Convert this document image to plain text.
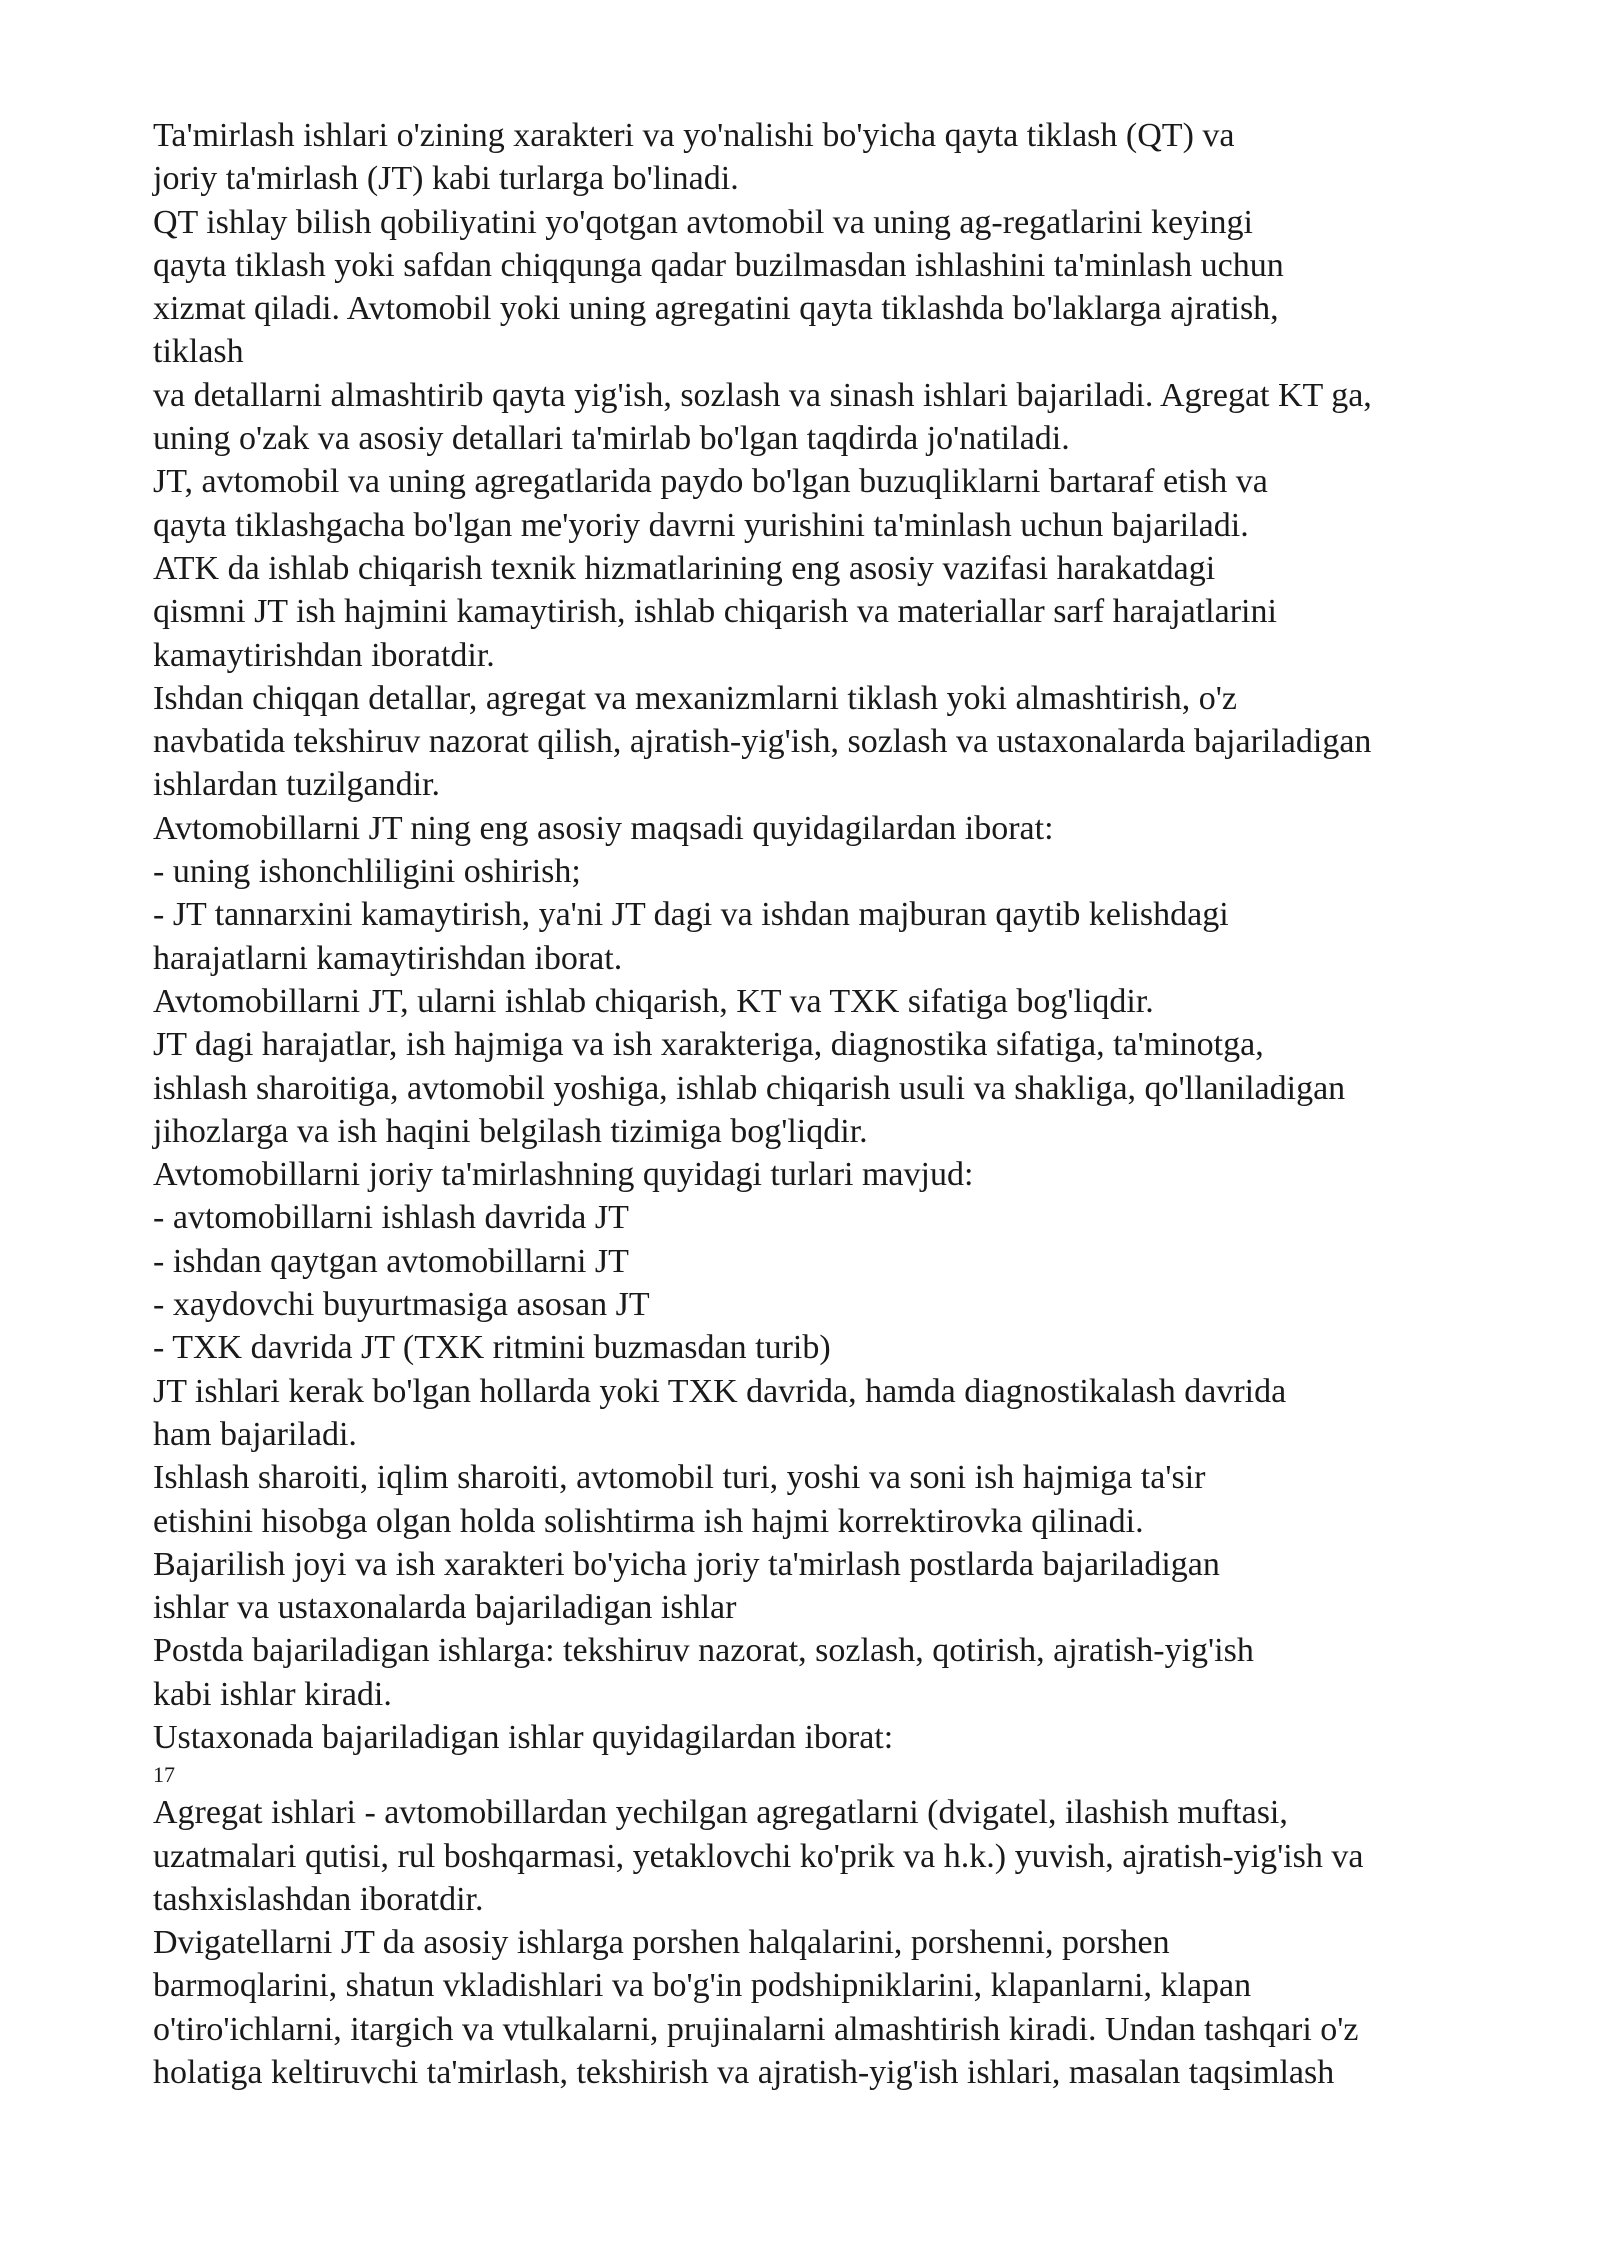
Ta'mirlash ishlari o'zining xarakteri va yo'nalishi bo'yicha qayta tiklash (QT) va
joriy ta'mirlash (JT) kabi turlarga bo'linadi.
QT ishlay bilish qobiliyatini yo'qotgan avtomobil va uning ag-regatlarini keyingi
qayta tiklash yoki safdan chiqqunga qadar buzilmasdan ishlashini ta'minlash uchun
xizmat qiladi. Avtomobil yoki uning agregatini qayta tiklashda bo'laklarga ajratish,
tiklash
va detallarni almashtirib qayta yig'ish, sozlash va sinash ishlari bajariladi. Agregat KT ga,
uning o'zak va asosiy detallari ta'mirlab bo'lgan taqdirda jo'natiladi.
JT, avtomobil va uning agregatlarida paydo bo'lgan buzuqliklarni bartaraf etish va
qayta tiklashgacha bo'lgan me'yoriy davrni yurishini ta'minlash uchun bajariladi.
ATK da ishlab chiqarish texnik hizmatlarining eng asosiy vazifasi harakatdagi
qismni JT ish hajmini kamaytirish, ishlab chiqarish va materiallar sarf harajatlarini
kamaytirishdan iboratdir.
Ishdan chiqqan detallar, agregat va mexanizmlarni tiklash yoki almashtirish, o'z
navbatida tekshiruv nazorat qilish, ajratish-yig'ish, sozlash va ustaxonalarda bajariladigan
ishlardan tuzilgandir.
Avtomobillarni JT ning eng asosiy maqsadi quyidagilardan iborat:
- uning ishonchliligini oshirish;
- JT tannarxini kamaytirish, ya'ni JT dagi va ishdan majburan qaytib kelishdagi
harajatlarni kamaytirishdan iborat.
Avtomobillarni JT, ularni ishlab chiqarish, KT va TXK sifatiga bog'liqdir.
JT dagi harajatlar, ish hajmiga va ish xarakteriga, diagnostika sifatiga, ta'minotga,
ishlash sharoitiga, avtomobil yoshiga, ishlab chiqarish usuli va shakliga, qo'llaniladigan
jihozlarga va ish haqini belgilash tizimiga bog'liqdir.
Avtomobillarni joriy ta'mirlashning quyidagi turlari mavjud:
- avtomobillarni ishlash davrida JT
- ishdan qaytgan avtomobillarni JT
- xaydovchi buyurtmasiga asosan JT
- TXK davrida JT (TXK ritmini buzmasdan turib)
JT ishlari kerak bo'lgan hollarda yoki TXK davrida, hamda diagnostikalash davrida
ham bajariladi.
Ishlash sharoiti, iqlim sharoiti, avtomobil turi, yoshi va soni ish hajmiga ta'sir
etishini hisobga olgan holda solishtirma ish hajmi korrektirovka qilinadi.
Bajarilish joyi va ish xarakteri bo'yicha joriy ta'mirlash postlarda bajariladigan
ishlar va ustaxonalarda bajariladigan ishlar
Postda bajariladigan ishlarga: tekshiruv nazorat, sozlash, qotirish, ajratish-yig'ish
kabi ishlar kiradi.
Ustaxonada bajariladigan ishlar quyidagilardan iborat:
17
Agregat ishlari - avtomobillardan yechilgan agregatlarni (dvigatel, ilashish muftasi,
uzatmalari qutisi, rul boshqarmasi, yetaklovchi ko'prik va h.k.) yuvish, ajratish-yig'ish va
tashxislashdan iboratdir.
Dvigatellarni JT da asosiy ishlarga porshen halqalarini, porshenni, porshen
barmoqlarini, shatun vkladishlari va bo'g'in podshipniklarini, klapanlarni, klapan
o'tiro'ichlarni, itargich va vtulkalarni, prujinalarni almashtirish kiradi. Undan tashqari o'z
holatiga keltiruvchi ta'mirlash, tekshirish va ajratish-yig'ish ishlari, masalan taqsimlash
